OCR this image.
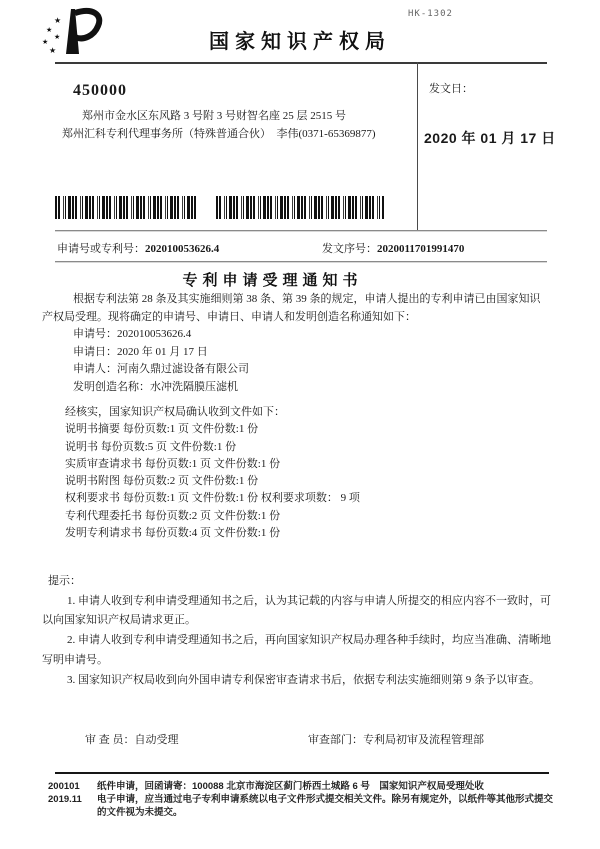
HK-1302
★
★
★
★
★	国家知识产权局
450000
郑州市金水区东风路 3 号附 3 号财智名座 25 层 2515 号
郑州汇科专利代理事务所（特殊普通合伙）　李伟(0371-65369877)
发文日：
2020 年 01 月 17 日
申请号或专利号：202010053626.4	发文序号：2020011701991470
专利申请受理通知书

根据专利法第 28 条及其实施细则第 38 条、第 39 条的规定，申请人提出的专利申请已由国家知识产权局受理。现将确定的申请号、申请日、申请人和发明创造名称通知如下：

申请号：202010053626.4
申请日：2020 年 01 月 17 日
申请人：河南久鼎过滤设备有限公司
发明创造名称：水冲洗隔膜压滤机
经核实，国家知识产权局确认收到文件如下：
说明书摘要 每份页数:1 页 文件份数:1 份
说明书 每份页数:5 页 文件份数:1 份
实质审查请求书 每份页数:1 页 文件份数:1 份
说明书附图 每份页数:2 页 文件份数:1 份
权利要求书 每份页数:1 页 文件份数:1 份 权利要求项数： 9 项
专利代理委托书 每份页数:2 页 文件份数:1 份
发明专利请求书 每份页数:4 页 文件份数:1 份
提示：

1. 申请人收到专利申请受理通知书之后，认为其记载的内容与申请人所提交的相应内容不一致时，可以向国家知识产权局请求更正。

2. 申请人收到专利申请受理通知书之后，再向国家知识产权局办理各种手续时，均应当准确、清晰地写明申请号。

3. 国家知识产权局收到向外国申请专利保密审查请求书后，依据专利法实施细则第 9 条予以审查。

审 查 员：自动受理	审查部门：专利局初审及流程管理部
200101	纸件申请，回函请寄：100088 北京市海淀区蓟门桥西土城路 6 号　国家知识产权局受理处收
2019.11	电子申请，应当通过电子专利申请系统以电子文件形式提交相关文件。除另有规定外，以纸件等其他形式提交的文件视为未提交。
